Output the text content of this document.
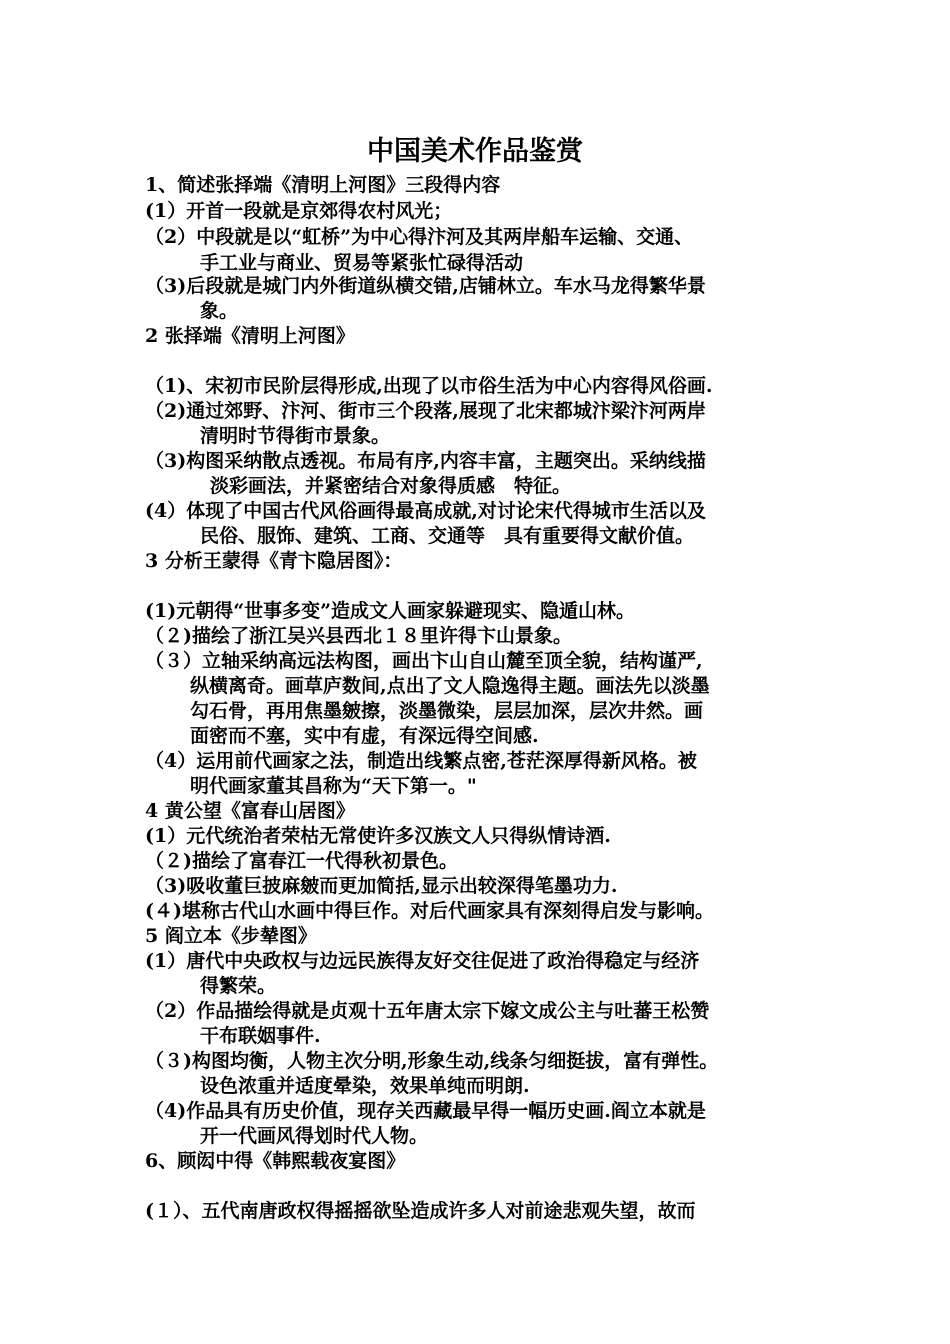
中国美术作品鉴赏
1、简述张择端《清明上河图》三段得内容
(1）开首一段就是京郊得农村风光；
（2）中段就是以“虹桥”为中心得汴河及其两岸船车运输、交通、
手工业与商业、贸易等紧张忙碌得活动
（3)后段就是城门内外街道纵横交错,店铺林立。车水马龙得繁华景
象。
2 张择端《清明上河图》
（1)、宋初市民阶层得形成,出现了以市俗生活为中心内容得风俗画.
（2)通过郊野、汴河、街市三个段落,展现了北宋都城汴梁汴河两岸
清明时节得街市景象。
（3)构图采纳散点透视。布局有序,内容丰富，主题突出。采纳线描
淡彩画法，并紧密结合对象得质感　特征。
(4）体现了中国古代风俗画得最高成就,对讨论宋代得城市生活以及
民俗、服饰、建筑、工商、交通等　具有重要得文献价值。
3 分析王蒙得《青卞隐居图》：
(1)元朝得“世事多变”造成文人画家躲避现实、隐遁山林。
（２)描绘了浙江吴兴县西北１８里许得卞山景象。
（３）立轴采纳高远法构图，画出卞山自山麓至顶全貌，结构谨严,
纵横离奇。画草庐数间,点出了文人隐逸得主题。画法先以淡墨
勾石骨，再用焦墨皴擦，淡墨微染，层层加深，层次井然。画
面密而不塞，实中有虚，有深远得空间感.
（4）运用前代画家之法，制造出线繁点密,苍茫深厚得新风格。被
明代画家董其昌称为“天下第一。"
4 黄公望《富春山居图》
(1）元代统治者荣枯无常使许多汉族文人只得纵情诗酒.
（２)描绘了富春江一代得秋初景色。
（3)吸收董巨披麻皴而更加简括,显示出较深得笔墨功力.
(４)堪称古代山水画中得巨作。对后代画家具有深刻得启发与影响。
5 阎立本《步辇图》
(1）唐代中央政权与边远民族得友好交往促进了政治得稳定与经济
得繁荣。
（2）作品描绘得就是贞观十五年唐太宗下嫁文成公主与吐蕃王松赞
干布联姻事件.
（３)构图均衡，人物主次分明,形象生动,线条匀细挺拔，富有弹性。
设色浓重并适度晕染，效果单纯而明朗.
（4)作品具有历史价值，现存关西藏最早得一幅历史画.阎立本就是
开一代画风得划时代人物。
6、顾闳中得《韩熙载夜宴图》
(１）、五代南唐政权得摇摇欲坠造成许多人对前途悲观失望，故而
